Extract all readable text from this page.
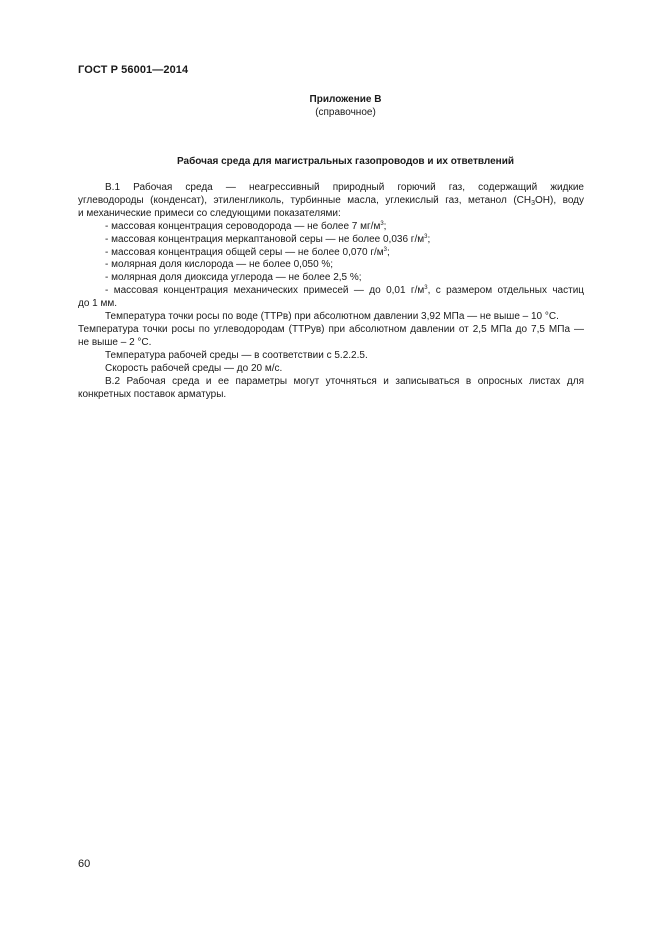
ГОСТ Р 56001—2014
Приложение В
(справочное)
Рабочая среда для магистральных газопроводов и их ответвлений

В.1 Рабочая среда — неагрессивный природный горючий газ, содержащий жидкие

углеводороды (конденсат), этиленгликоль, турбинные масла, углекислый газ, метанол $(CH_3OH)$, воду

и механические примеси со следующими показателями:

- массовая концентрация сероводорода — не более 7 $мг/м^3$;

- массовая концентрация меркаптановой серы — не более 0,036 $г/м^3$;

- массовая концентрация общей серы — не более 0,070 $г/м^3$;

- молярная доля кислорода — не более 0,050 %;

- молярная доля диоксида углерода — не более 2,5 %;

- массовая концентрация механических примесей — до 0,01 $г/м^3$, с размером отдельных частиц

до 1 мм.

Температура точки росы по воде (ТТРв) при абсолютном давлении 3,92 МПа — не выше – 10 °С.

Температура точки росы по углеводородам (ТТРув) при абсолютном давлении от 2,5 МПа до 7,5 МПа —

не выше – 2 °С.

Температура рабочей среды — в соответствии с 5.2.2.5.

Скорость рабочей среды — до 20 м/с.

В.2 Рабочая среда и ее параметры могут уточняться и записываться в опросных листах для

конкретных поставок арматуры.

60
